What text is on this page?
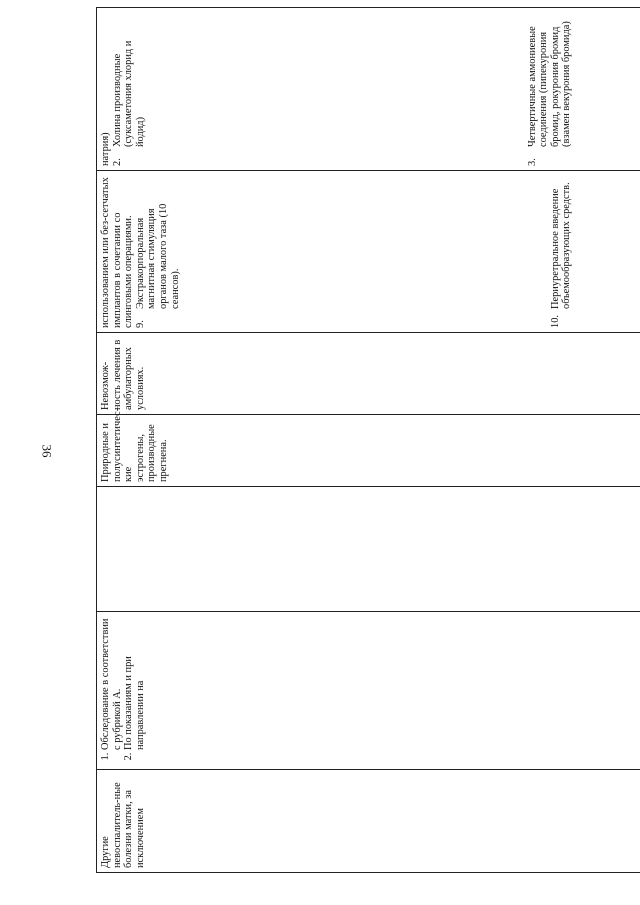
36
Другие невоспалитель-ные болезни матки, за исключением	
1. Обследование в соответствии с рубрикой А.
2. По показаниям и при направлении на
		Природные и полусинтетичес-кие эстрогены, производные прегнена.	Невозмож-ность лечения в амбулаторных условиях.	
использованием или без-сетчатых имплантов в сочетании со слинговыми операциями. 9.	Экстракорпоральная магнитная стимуляция органов малого таза (10 сеансов).
10.	Периуретральное введение объемообразующих средств.

натрия) 2.	Холина производные (суксаметония хлорид и йодид)
3.	Четвертичные аммониевые соединения (пипекурония бромид, рокурония бромид (взамен векурония бромида)
